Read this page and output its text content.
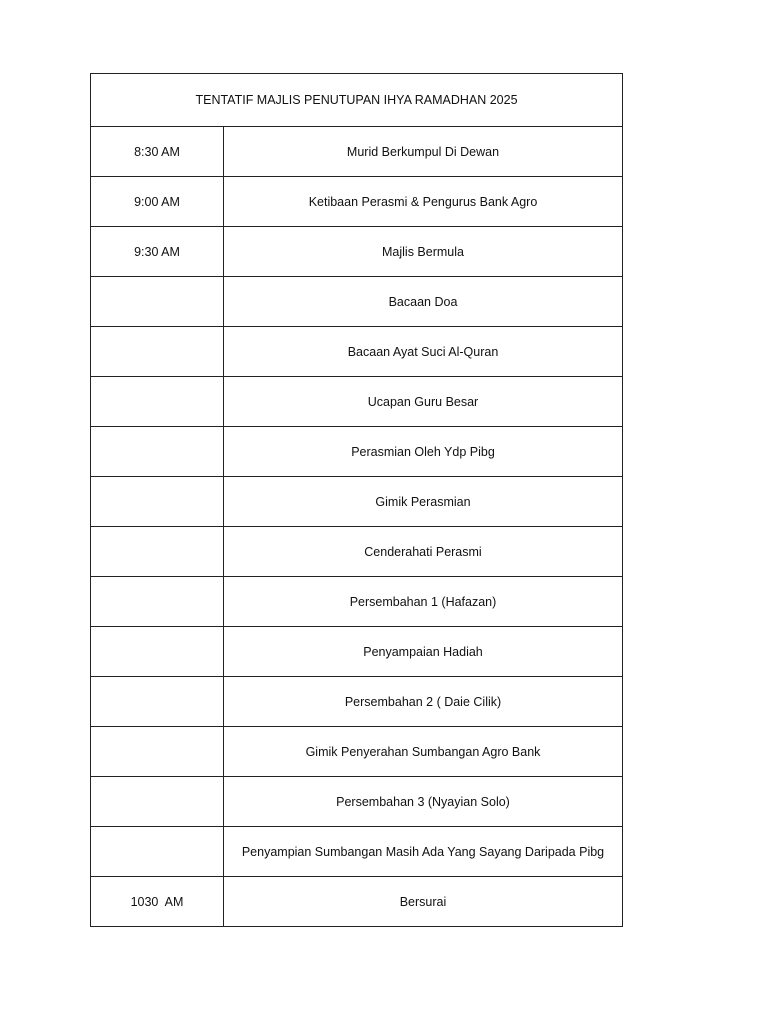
TENTATIF MAJLIS PENUTUPAN IHYA RAMADHAN 2025	
8:30 AM	Murid Berkumpul Di Dewan
9:00 AM	Ketibaan Perasmi & Pengurus Bank Agro
9:30 AM	Majlis Bermula
	Bacaan Doa
	Bacaan Ayat Suci Al-Quran
	Ucapan Guru Besar
	Perasmian Oleh Ydp Pibg
	Gimik Perasmian
	Cenderahati Perasmi
	Persembahan 1 (Hafazan)
	Penyampaian Hadiah
	Persembahan 2 ( Daie Cilik)
	Gimik Penyerahan Sumbangan Agro Bank
	Persembahan 3 (Nyayian Solo)
	Penyampian Sumbangan Masih Ada Yang Sayang Daripada Pibg
1030  AM	Bersurai
